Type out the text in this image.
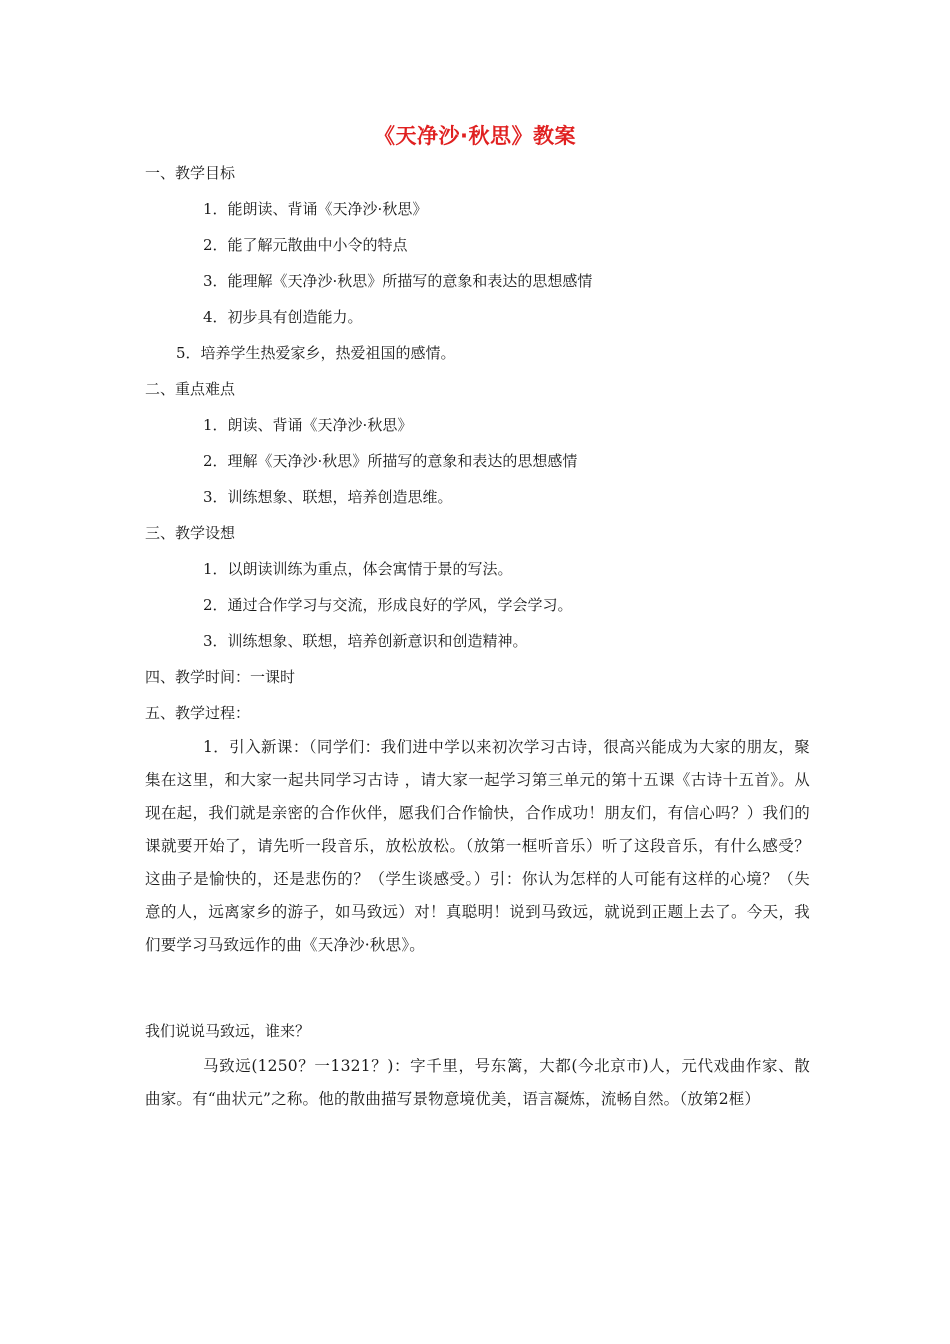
《天净沙·秋思》教案
一、教学目标
1．能朗读、背诵《天净沙·秋思》
2．能了解元散曲中小令的特点
3．能理解《天净沙·秋思》所描写的意象和表达的思想感情
4．初步具有创造能力。
5．培养学生热爱家乡，热爱祖国的感情。
二、重点难点
1．朗读、背诵《天净沙·秋思》
2．理解《天净沙·秋思》所描写的意象和表达的思想感情
3．训练想象、联想，培养创造思维。
三、教学设想
1．以朗读训练为重点，体会寓情于景的写法。
2．通过合作学习与交流，形成良好的学风，学会学习。
3．训练想象、联想，培养创新意识和创造精神。
四、教学时间：一课时
五、教学过程：
1．引入新课：（同学们：我们进中学以来初次学习古诗，很高兴能成为大家的朋友，聚集在这里，和大家一起共同学习古诗 ，请大家一起学习第三单元的第十五课《古诗十五首》。从现在起，我们就是亲密的合作伙伴，愿我们合作愉快，合作成功！朋友们，有信心吗？）我们的课就要开始了，请先听一段音乐，放松放松。（放第一框听音乐）听了这段音乐，有什么感受？这曲子是愉快的，还是悲伤的？（学生谈感受。）引：你认为怎样的人可能有这样的心境？（失意的人，远离家乡的游子，如马致远）对！真聪明！说到马致远，就说到正题上去了。今天，我们要学习马致远作的曲《天净沙·秋思》。
我们说说马致远，谁来？
马致远(1250？一1321？)：字千里，号东篱，大都(今北京市)人，元代戏曲作家、散曲家。有“曲状元”之称。他的散曲描写景物意境优美，语言凝炼，流畅自然。（放第2框）
